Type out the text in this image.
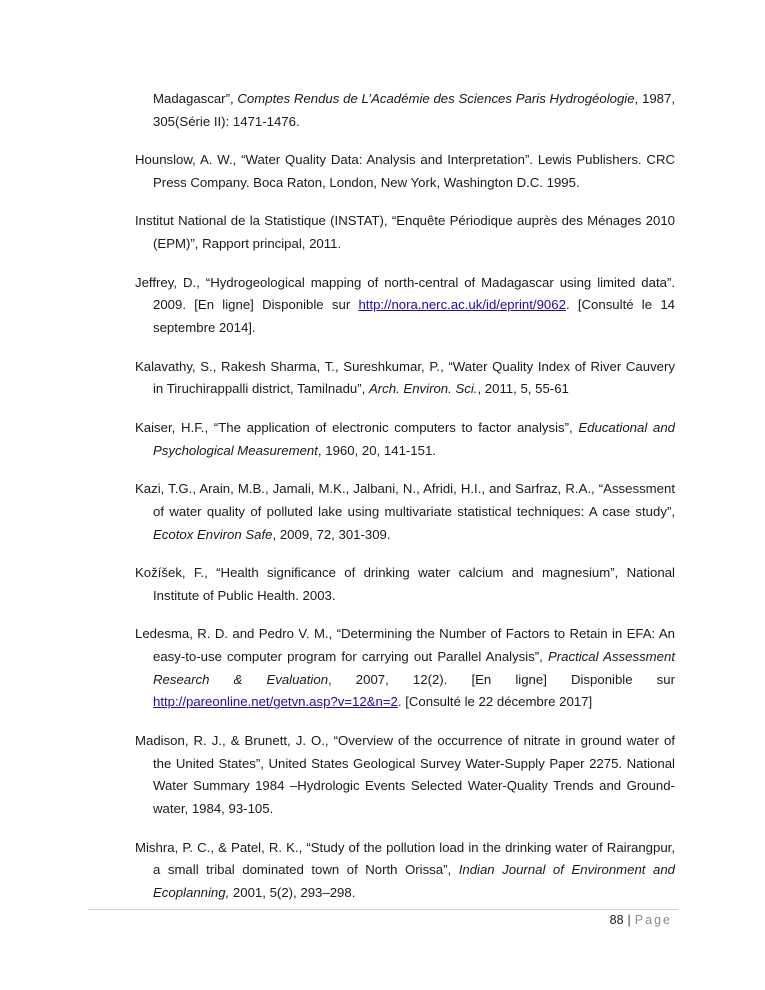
Madagascar”, Comptes Rendus de L’Académie des Sciences Paris Hydrogéologie, 1987, 305(Série II): 1471-1476.

Hounslow, A. W., “Water Quality Data: Analysis and Interpretation”. Lewis Publishers. CRC Press Company. Boca Raton, London, New York, Washington D.C. 1995.

Institut National de la Statistique (INSTAT), “Enquête Périodique auprès des Ménages 2010 (EPM)”, Rapport principal, 2011.

Jeffrey, D., “Hydrogeological mapping of north-central of Madagascar using limited data”. 2009. [En ligne] Disponible sur http://nora.nerc.ac.uk/id/eprint/9062. [Consulté le 14 septembre 2014].

Kalavathy, S., Rakesh Sharma, T., Sureshkumar, P., “Water Quality Index of River Cauvery in Tiruchirappalli district, Tamilnadu”, Arch. Environ. Sci., 2011, 5, 55-61

Kaiser, H.F., “The application of electronic computers to factor analysis”, Educational and Psychological Measurement, 1960, 20, 141-151.

Kazi, T.G., Arain, M.B., Jamali, M.K., Jalbani, N., Afridi, H.I., and Sarfraz, R.A., “Assessment of water quality of polluted lake using multivariate statistical techniques: A case study”, Ecotox Environ Safe, 2009, 72, 301-309.

Kožíšek, F., “Health significance of drinking water calcium and magnesium”, National Institute of Public Health. 2003.

Ledesma, R. D. and Pedro V. M., “Determining the Number of Factors to Retain in EFA: An easy-to-use computer program for carrying out Parallel Analysis”, Practical Assessment Research & Evaluation, 2007, 12(2). [En ligne] Disponible sur http://pareonline.net/getvn.asp?v=12&n=2. [Consulté le 22 décembre 2017]

Madison, R. J., & Brunett, J. O., “Overview of the occurrence of nitrate in ground water of the United States”, United States Geological Survey Water-Supply Paper 2275. National Water Summary 1984 –Hydrologic Events Selected Water-Quality Trends and Ground-water, 1984, 93-105.

Mishra, P. C., & Patel, R. K., “Study of the pollution load in the drinking water of Rairangpur, a small tribal dominated town of North Orissa”, Indian Journal of Environment and Ecoplanning, 2001, 5(2), 293–298.

88 | Page
